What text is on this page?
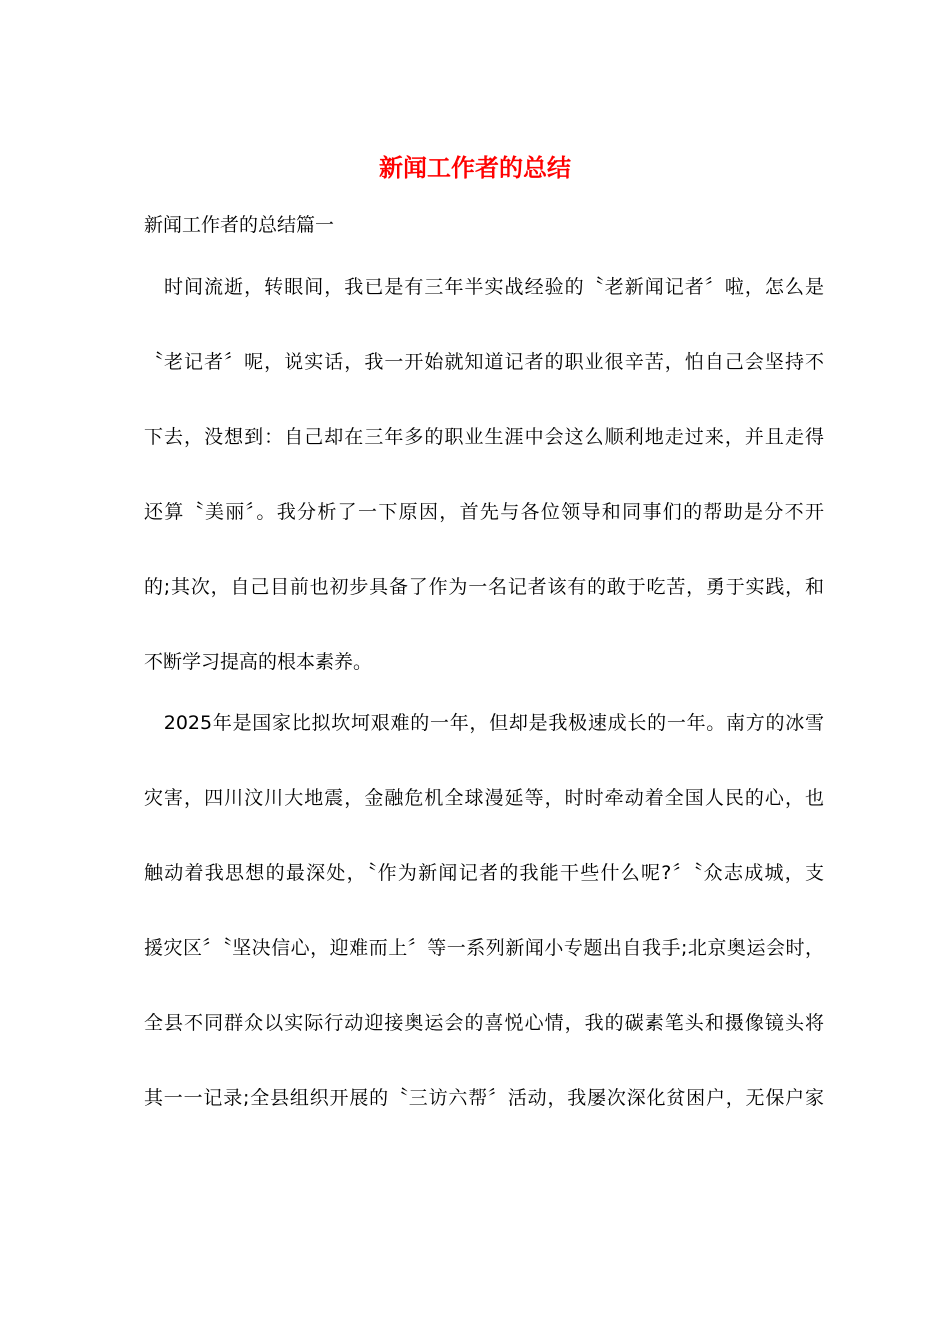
新闻工作者的总结
新闻工作者的总结篇一
　时间流逝，转眼间，我已是有三年半实战经验的〝老新闻记者〞啦，怎么是
〝老记者〞呢，说实话，我一开始就知道记者的职业很辛苦，怕自己会坚持不
下去，没想到：自己却在三年多的职业生涯中会这么顺利地走过来，并且走得
还算〝美丽〞。我分析了一下原因，首先与各位领导和同事们的帮助是分不开
的;其次，自己目前也初步具备了作为一名记者该有的敢于吃苦，勇于实践，和
不断学习提高的根本素养。
　2025年是国家比拟坎坷艰难的一年，但却是我极速成长的一年。南方的冰雪
灾害，四川汶川大地震，金融危机全球漫延等，时时牵动着全国人民的心，也
触动着我思想的最深处，〝作为新闻记者的我能干些什么呢?〞〝众志成城，支
援灾区〞〝坚决信心，迎难而上〞等一系列新闻小专题出自我手;北京奥运会时，
全县不同群众以实际行动迎接奥运会的喜悦心情，我的碳素笔头和摄像镜头将
其一一记录;全县组织开展的〝三访六帮〞活动，我屡次深化贫困户，无保户家
